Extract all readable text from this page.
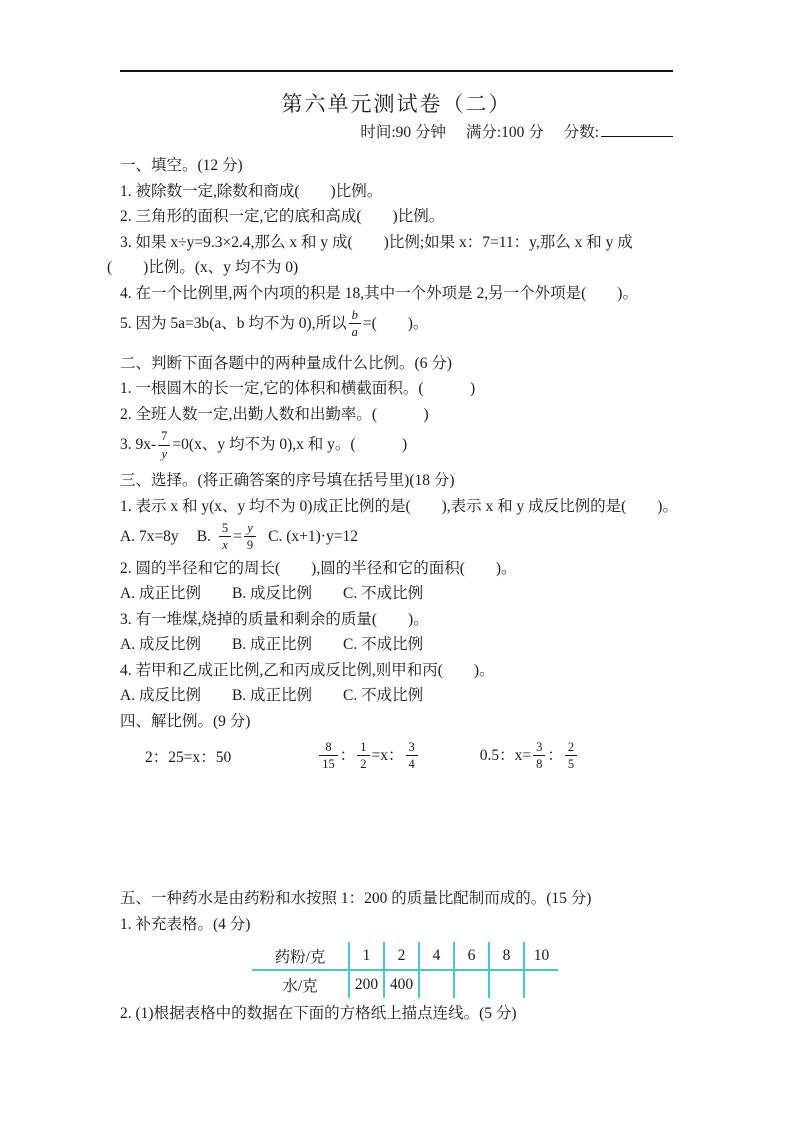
第六单元测试卷（二）
时间:90 分钟 满分:100 分 分数:
一、填空。(12 分)
1. 被除数一定,除数和商成(　　)比例。
2. 三角形的面积一定,它的底和高成(　　)比例。
3. 如果 x÷y=9.3×2.4,那么 x 和 y 成(　　)比例;如果 x：7=11：y,那么 x 和 y 成
(　　)比例。(x、y 均不为 0)
4. 在一个比例里,两个内项的积是 18,其中一个外项是 2,另一个外项是(　　)。
5. 因为 5a=3b(a、b 均不为 0),所以 $\frac{b}{a}$ =(　　)。
二、判断下面各题中的两种量成什么比例。(6 分)
1. 一根圆木的长一定,它的体积和横截面积。(　　　)
2. 全班人数一定,出勤人数和出勤率。(　　　)
3. $9x- \frac{7}{y} =0(x$、y 均不为 0),x 和 y。(　　　)
三、选择。(将正确答案的序号填在括号里)(18 分)
1. 表示 x 和 y(x、y 均不为 0)成正比例的是(　　),表示 x 和 y 成反比例的是(　　)。
A. 7x=8y B. $\frac{5}{x} = \frac{y}{9} C$. (x+1)·y=12
2. 圆的半径和它的周长(　　),圆的半径和它的面积(　　)。
A. 成正比例　　B. 成反比例　　C. 不成比例
3. 有一堆煤,烧掉的质量和剩余的质量(　　)。
A. 成反比例　　B. 成正比例　　C. 不成比例
4. 若甲和乙成正比例,乙和丙成反比例,则甲和丙(　　)。
A. 成反比例　　B. 成正比例　　C. 不成比例
四、解比例。(9 分)
2：25=x：50	$\frac{8}{15}$ ： $\frac{1}{2} =x$： $\frac{3}{4}$	0.5：$x= \frac{3}{8}$ ： $\frac{2}{5}$
五、一种药水是由药粉和水按照 1：200 的质量比配制而成的。(15 分)
1. 补充表格。(4 分)
药粉/克	1	2	4	6	8	10
水/克	200	400				
2. (1)根据表格中的数据在下面的方格纸上描点连线。(5 分)
